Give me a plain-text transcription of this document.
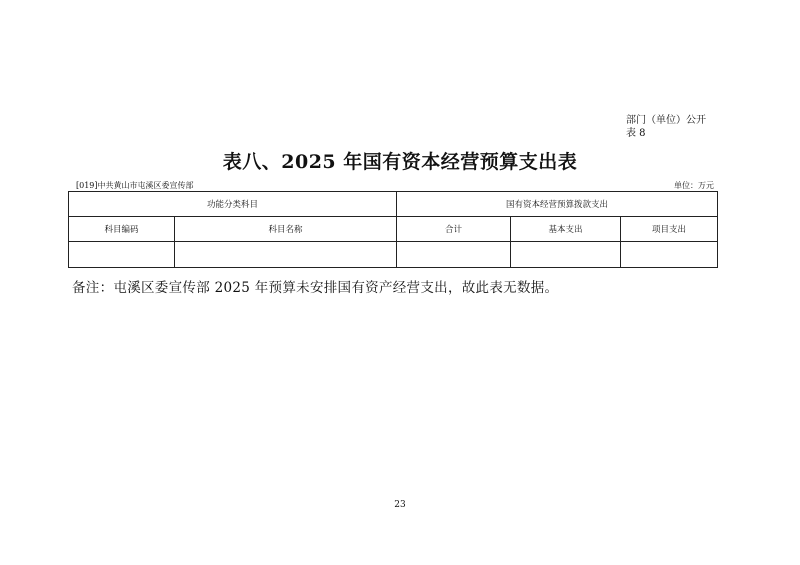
部门（单位）公开
表 8
表八、2025 年国有资本经营预算支出表
[019]中共黄山市屯溪区委宣传部	单位：万元
功能分类科目		国有资本经营预算拨款支出		
科目编码	科目名称	合计	基本支出	项目支出

备注：屯溪区委宣传部 2025 年预算未安排国有资产经营支出，故此表无数据。
23
